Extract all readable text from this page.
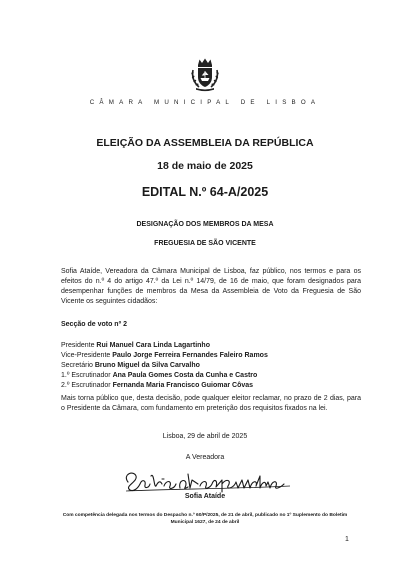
CÂMARA MUNICIPAL DE LISBOA
ELEIÇÃO DA ASSEMBLEIA DA REPÚBLICA
18 de maio de 2025
EDITAL N.º 64-A/2025
DESIGNAÇÃO DOS MEMBROS DA MESA
FREGUESIA DE SÃO VICENTE
Sofia Ataíde, Vereadora da Câmara Municipal de Lisboa, faz público, nos termos e para os efeitos do n.º 4 do artigo 47.º da Lei n.º 14/79, de 16 de maio, que foram designados para desempenhar funções de membros da Mesa da Assembleia de Voto da Freguesia de São Vicente os seguintes cidadãos:
Secção de voto nº 2
Presidente Rui Manuel Cara Linda Lagartinho
Vice-Presidente Paulo Jorge Ferreira Fernandes Faleiro Ramos
Secretário Bruno Miguel da Silva Carvalho
1.º Escrutinador Ana Paula Gomes Costa da Cunha e Castro
2.º Escrutinador Fernanda Maria Francisco Guiomar Côvas
Mais torna público que, desta decisão, pode qualquer eleitor reclamar, no prazo de 2 dias, para o Presidente da Câmara, com fundamento em preterição dos requisitos fixados na lei.
Lisboa, 29 de abril de 2025
A Vereadora
Sofia Ataíde
Com competência delegada nos termos do Despacho n.º 60/P/2025, de 21 de abril, publicado no 1º Suplemento do Boletim Municipal 1627, de 24 de abril
1
